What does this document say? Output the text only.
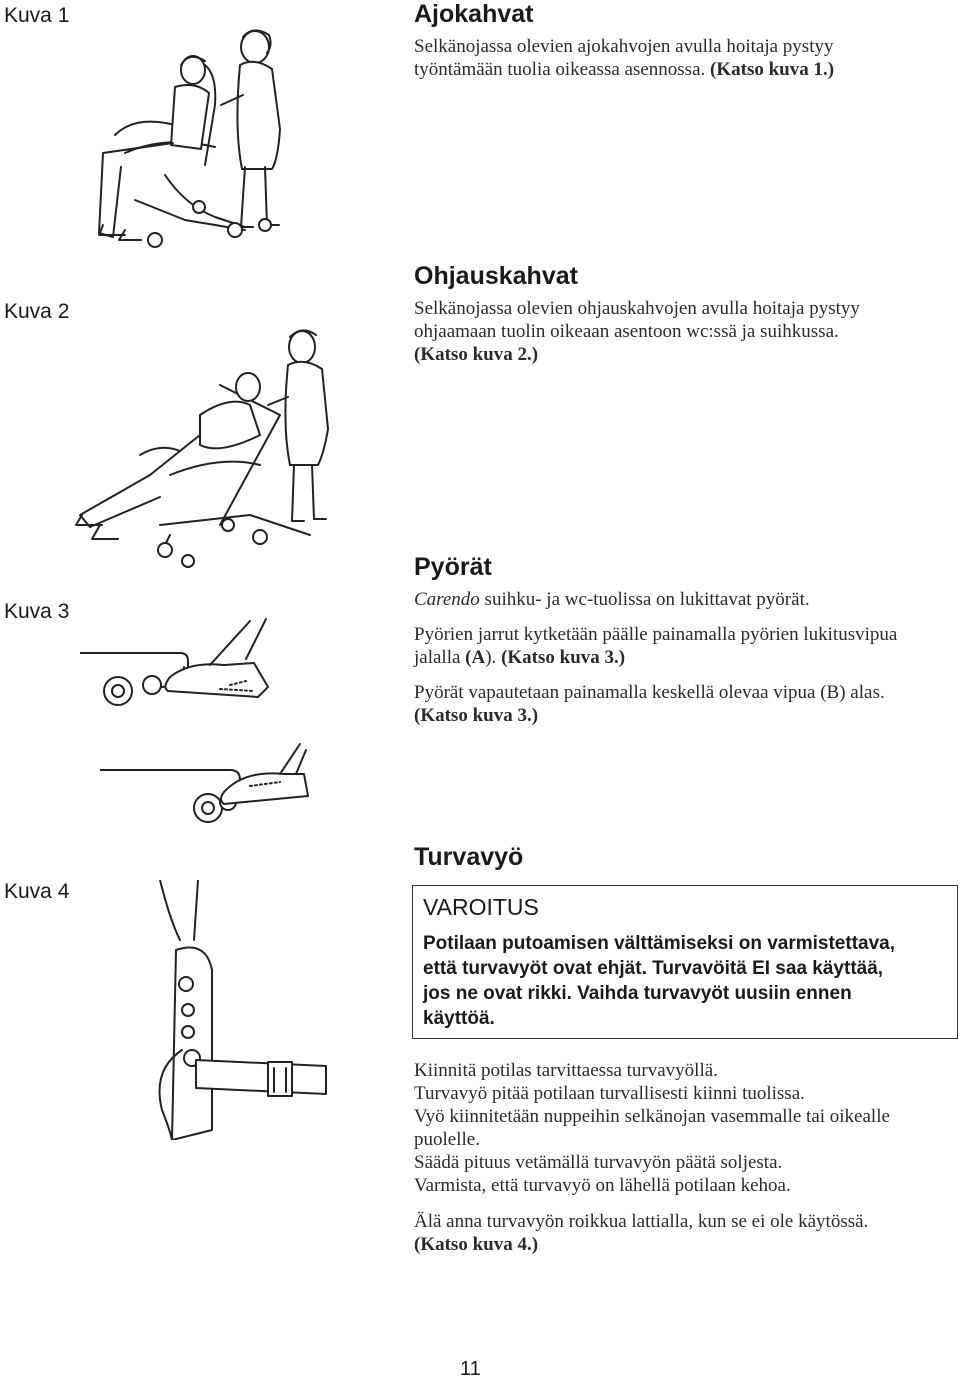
Kuva 1
Kuva 2
Kuva 3
Kuva 4
Ajokahvat

Selkänojassa olevien ajokahvojen avulla hoitaja pystyy

työntämään tuolia oikeassa asennossa. (Katso kuva 1.)

Ohjauskahvat

Selkänojassa olevien ohjauskahvojen avulla hoitaja pystyy

ohjaamaan tuolin oikeaan asentoon wc:ssä ja suihkussa.

(Katso kuva 2.)

Pyörät

Carendo suihku- ja wc-tuolissa on lukittavat pyörät.

Pyörien jarrut kytketään päälle painamalla pyörien lukitusvipua

jalalla (A). (Katso kuva 3.)

Pyörät vapautetaan painamalla keskellä olevaa vipua (B) alas.

(Katso kuva 3.)

Turvavyö

VAROITUS

Potilaan putoamisen välttämiseksi on varmistettava,

että turvavyöt ovat ehjät. Turvavöitä EI saa käyttää,

jos ne ovat rikki. Vaihda turvavyöt uusiin ennen

käyttöä.

Kiinnitä potilas tarvittaessa turvavyöllä.

Turvavyö pitää potilaan turvallisesti kiinni tuolissa.

Vyö kiinnitetään nuppeihin selkänojan vasemmalle tai oikealle

puolelle.

Säädä pituus vetämällä turvavyön päätä soljesta.

Varmista, että turvavyö on lähellä potilaan kehoa.

Älä anna turvavyön roikkua lattialla, kun se ei ole käytössä.

(Katso kuva 4.)

11
